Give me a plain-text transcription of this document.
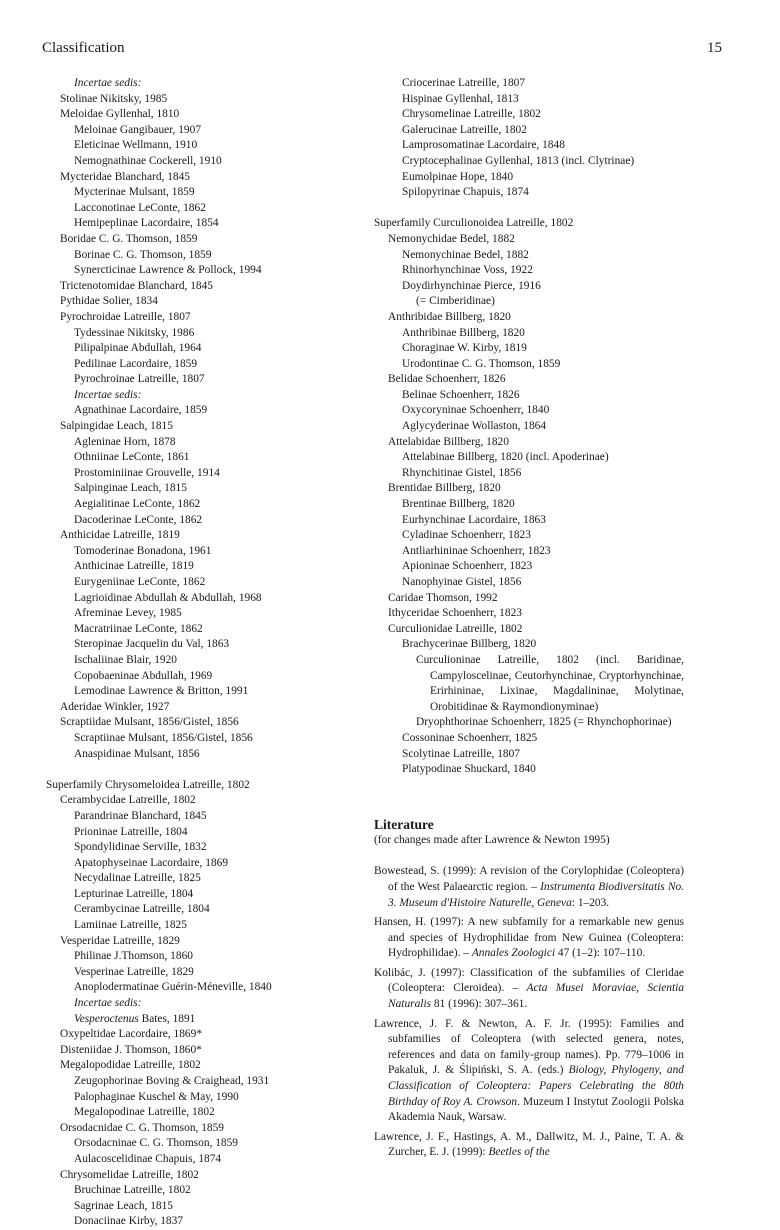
Classification	15
Incertae sedis:
Stolinae Nikitsky, 1985
Meloidae Gyllenhal, 1810
Meloinae Gangibauer, 1907
Eleticinae Wellmann, 1910
Nemognathinae Cockerell, 1910
Mycteridae Blanchard, 1845
Mycterinae Mulsant, 1859
Lacconotinae LeConte, 1862
Hemipeplinae Lacordaire, 1854
Boridae C. G. Thomson, 1859
Borinae C. G. Thomson, 1859
Synercticinae Lawrence & Pollock, 1994
Trictenotomidae Blanchard, 1845
Pythidae Solier, 1834
Pyrochroidae Latreille, 1807
Tydessinae Nikitsky, 1986
Pilipalpinae Abdullah, 1964
Pedilinae Lacordaire, 1859
Pyrochroinae Latreille, 1807
Incertae sedis:
Agnathinae Lacordaire, 1859
Salpingidae Leach, 1815
Agleninae Horn, 1878
Othniinae LeConte, 1861
Prostominiinae Grouvelle, 1914
Salpinginae Leach, 1815
Aegialitinae LeConte, 1862
Dacoderinae LeConte, 1862
Anthicidae Latreille, 1819
Tomoderinae Bonadona, 1961
Anthicinae Latreille, 1819
Eurygeniinae LeConte, 1862
Lagrioidinae Abdullah & Abdullah, 1968
Afreminae Levey, 1985
Macratriinae LeConte, 1862
Steropinae Jacquelin du Val, 1863
Ischaliinae Blair, 1920
Copobaeninae Abdullah, 1969
Lemodinae Lawrence & Britton, 1991
Aderidae Winkler, 1927
Scraptiidae Mulsant, 1856/Gistel, 1856
Scraptiinae Mulsant, 1856/Gistel, 1856
Anaspidinae Mulsant, 1856
Superfamily Chrysomeloidea Latreille, 1802
Cerambycidae Latreille, 1802
Parandrinae Blanchard, 1845
Prioninae Latreille, 1804
Spondylidinae Serville, 1832
Apatophyseinae Lacordaire, 1869
Necydalinae Latreille, 1825
Lepturinae Latreille, 1804
Cerambycinae Latreille, 1804
Lamiinae Latreille, 1825
Vesperidae Latreille, 1829
Philinae J.Thomson, 1860
Vesperinae Latreille, 1829
Anoplodermatinae Guérin-Méneville, 1840
Incertae sedis:
Vesperoctenus Bates, 1891
Oxypeltidae Lacordaire, 1869*
Disteniidae J. Thomson, 1860*
Megalopodidae Latreille, 1802
Zeugophorinae Boving & Craighead, 1931
Palophaginae Kuschel & May, 1990
Megalopodinae Latreille, 1802
Orsodacnidae C. G. Thomson, 1859
Orsodacninae C. G. Thomson, 1859
Aulacoscelidinae Chapuis, 1874
Chrysomelidae Latreille, 1802
Bruchinae Latreille, 1802
Sagrinae Leach, 1815
Donaciinae Kirby, 1837
Criocerinae Latreille, 1807
Hispinae Gyllenhal, 1813
Chrysomelinae Latreille, 1802
Galerucinae Latreille, 1802
Lamprosomatinae Lacordaire, 1848
Cryptocephalinae Gyllenhal, 1813 (incl. Clytrinae)
Eumolpinae Hope, 1840
Spilopyrinae Chapuis, 1874
Superfamily Curculionoidea Latreille, 1802
Nemonychidae Bedel, 1882
Nemonychinae Bedel, 1882
Rhinorhynchinae Voss, 1922
Doydirhynchinae Pierce, 1916
(= Cimberidinae)
Anthribidae Billberg, 1820
Anthribinae Billberg, 1820
Choraginae W. Kirby, 1819
Urodontinae C. G. Thomson, 1859
Belidae Schoenherr, 1826
Belinae Schoenherr, 1826
Oxycoryninae Schoenherr, 1840
Aglycyderinae Wollaston, 1864
Attelabidae Billberg, 1820
Attelabinae Billberg, 1820 (incl. Apoderinae)
Rhynchitinae Gistel, 1856
Brentidae Billberg, 1820
Brentinae Billberg, 1820
Eurhynchinae Lacordaire, 1863
Cyladinae Schoenherr, 1823
Antliarhininae Schoenherr, 1823
Apioninae Schoenherr, 1823
Nanophyinae Gistel, 1856
Caridae Thomson, 1992
Ithyceridae Schoenherr, 1823
Curculionidae Latreille, 1802
Brachycerinae Billberg, 1820
Curculioninae Latreille, 1802 (incl. Baridinae, Campyloscelinae, Ceutorhynchinae, Cryptorhynchinae, Erirhininae, Lixinae, Magdalininae, Molytinae, Orobitidinae & Raymondionyminae)
Dryophthorinae Schoenherr, 1825 (= Rhynchophorinae)
Cossoninae Schoenherr, 1825
Scolytinae Latreille, 1807
Platypodinae Shuckard, 1840
Literature
(for changes made after Lawrence & Newton 1995)
Bowestead, S. (1999): A revision of the Corylophidae (Coleoptera) of the West Palaearctic region. – Instrumenta Biodiversitatis No. 3. Museum d'Histoire Naturelle, Geneva: 1–203.
Hansen, H. (1997): A new subfamily for a remarkable new genus and species of Hydrophilidae from New Guinea (Coleoptera: Hydrophilidae). – Annales Zoologici 47 (1–2): 107–110.
Kolibác, J. (1997): Classification of the subfamilies of Cleridae (Coleoptera: Cleroidea). – Acta Musei Moraviae, Scientia Naturalis 81 (1996): 307–361.
Lawrence, J. F. & Newton, A. F. Jr. (1995): Families and subfamilies of Coleoptera (with selected genera, notes, references and data on family-group names). Pp. 779–1006 in Pakaluk, J. & Ślipiński, S. A. (eds.) Biology, Phylogeny, and Classification of Coleoptera: Papers Celebrating the 80th Birthday of Roy A. Crowson. Muzeum I Instytut Zoologii Polska Akademia Nauk, Warsaw.
Lawrence, J. F., Hastings, A. M., Dallwitz, M. J., Paine, T. A. & Zurcher, E. J. (1999): Beetles of the
